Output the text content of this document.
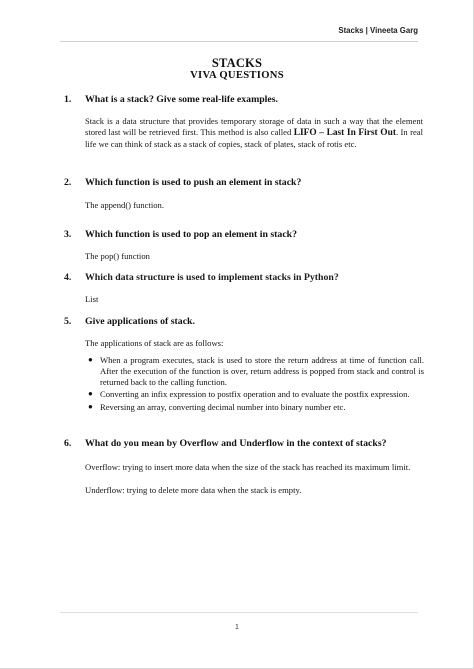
Stacks | Vineeta Garg
STACKS
VIVA QUESTIONS
1. What is a stack? Give some real-life examples.
Stack is a data structure that provides temporary storage of data in such a way that the element stored last will be retrieved first. This method is also called LIFO – Last In First Out. In real life we can think of stack as a stack of copies, stack of plates, stack of rotis etc.
2. Which function is used to push an element in stack?
The append() function.
3. Which function is used to pop an element in stack?
The pop() function
4. Which data structure is used to implement stacks in Python?
List
5. Give applications of stack.
The applications of stack are as follows:
● When a program executes, stack is used to store the return address at time of function call. After the execution of the function is over, return address is popped from stack and control is returned back to the calling function.
● Converting an infix expression to postfix operation and to evaluate the postfix expression.
● Reversing an array, converting decimal number into binary number etc.
6. What do you mean by Overflow and Underflow in the context of stacks?
Overflow: trying to insert more data when the size of the stack has reached its maximum limit.
Underflow: trying to delete more data when the stack is empty.
1
